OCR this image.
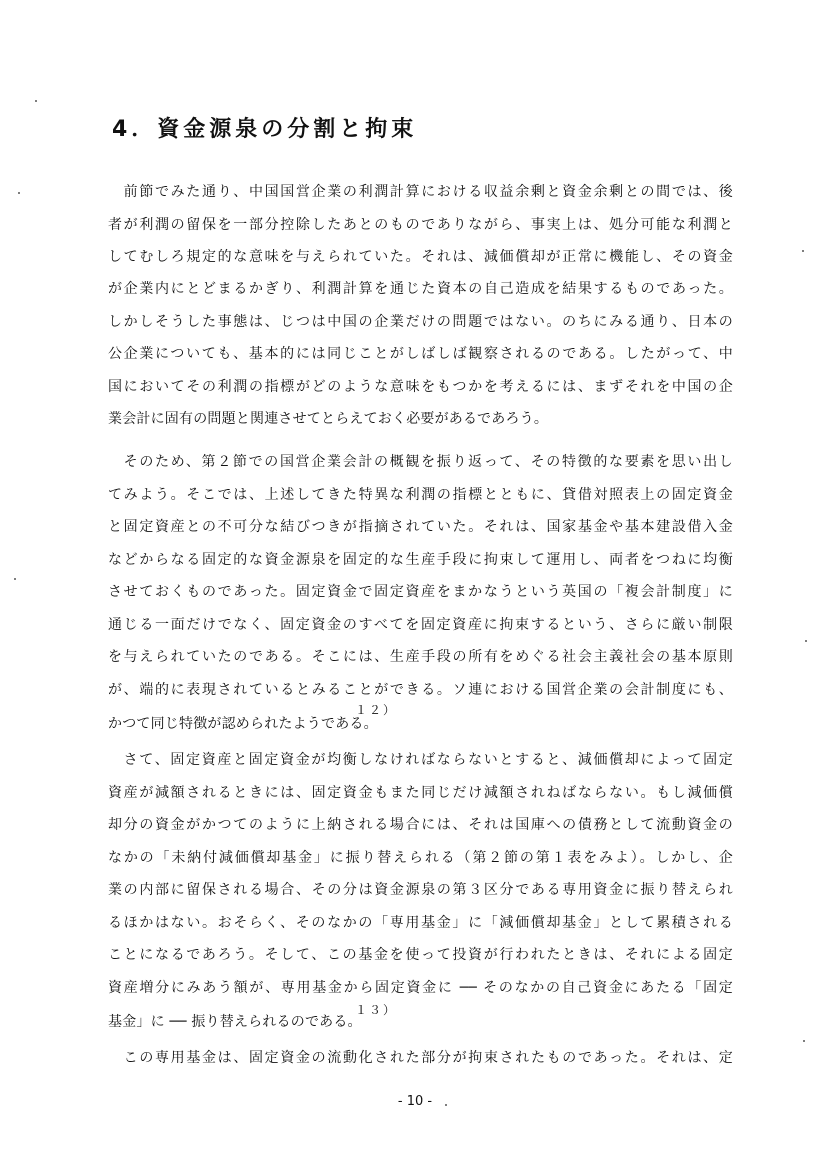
4．資金源泉の分割と拘束
　前節でみた通り、中国国営企業の利潤計算における収益余剰と資金余剰との間では、後
者が利潤の留保を一部分控除したあとのものでありながら、事実上は、処分可能な利潤と
してむしろ規定的な意味を与えられていた。それは、減価償却が正常に機能し、その資金
が企業内にとどまるかぎり、利潤計算を通じた資本の自己造成を結果するものであった。
しかしそうした事態は、じつは中国の企業だけの問題ではない。のちにみる通り、日本の
公企業についても、基本的には同じことがしばしば観察されるのである。したがって、中
国においてその利潤の指標がどのような意味をもつかを考えるには、まずそれを中国の企
業会計に固有の問題と関連させてとらえておく必要があるであろう。
　そのため、第２節での国営企業会計の概観を振り返って、その特徴的な要素を思い出し
てみよう。そこでは、上述してきた特異な利潤の指標とともに、貸借対照表上の固定資金
と固定資産との不可分な結びつきが指摘されていた。それは、国家基金や基本建設借入金
などからなる固定的な資金源泉を固定的な生産手段に拘束して運用し、両者をつねに均衡
させておくものであった。固定資金で固定資産をまかなうという英国の「複会計制度」に
通じる一面だけでなく、固定資金のすべてを固定資産に拘束するという、さらに厳い制限
を与えられていたのである。そこには、生産手段の所有をめぐる社会主義社会の基本原則
が、端的に表現されているとみることができる。ソ連における国営企業の会計制度にも、
１２）
かつて同じ特徴が認められたようである。
　さて、固定資産と固定資金が均衡しなければならないとすると、減価償却によって固定
資産が減額されるときには、固定資金もまた同じだけ減額されねばならない。もし減価償
却分の資金がかつてのように上納される場合には、それは国庫への債務として流動資金の
なかの「未納付減価償却基金」に振り替えられる（第２節の第１表をみよ）。しかし、企
業の内部に留保される場合、その分は資金源泉の第３区分である専用資金に振り替えられ
るほかはない。おそらく、そのなかの「専用基金」に「減価償却基金」として累積される
ことになるであろう。そして、この基金を使って投資が行われたときは、それによる固定
資産増分にみあう額が、専用基金から固定資金に ── そのなかの自己資金にあたる「固定
１３）
基金」に ── 振り替えられるのである。
　この専用基金は、固定資金の流動化された部分が拘束されたものであった。それは、定
- 10 -
